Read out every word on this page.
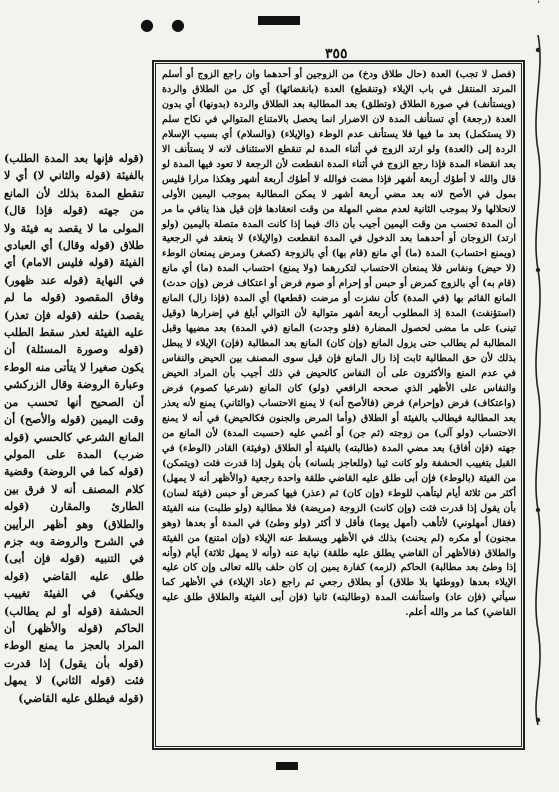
٬
● ●
٣٥٥

(فصل لا تجب) العدة (حال طلاق ودخ) من الزوجين أو أحدهما وان راجع الزوج أو أسلم المرتد المنتقل في باب الإيلاء (وتنقطع) العدة (بانقضائها) أي كل من الطلاق والردة (ويستأنف) في صورة الطلاق (وتطلق) بعد المطالبة بعد الطلاق والردة (بدونها) أي بدون العدة (رجعة) أي تستأنف المدة لان الاضرار انما يحصل بالامتناع المتوالي في نكاح سلم (لا يستكمل) بعد ما فيها فلا يستأنف عدم الوطء (والإيلاء) (والسلام) أي بسبب الإسلام الردة إلى (العدة) ولو ارتد الزوج في أثناء المدة لم تنقطع الاستئناف لانه لا يستأنف الا بعد انقضاء المدة فإذا رجع الزوج في أثناء المدة انقطعت لأن الرجعة لا تعود فيها المدة لو قال والله لا أطؤك أربعة أشهر فإذا مضت فوالله لا أطؤك أربعة أشهر وهكذا مرارا فليس بمول في الأصح لانه بعد مضي أربعة أشهر لا يمكن المطالبة بموجب اليمين الأولى لانحلالها ولا بموجب الثانية لعدم مضي المهلة من وقت انعقادها فإن قيل هذا ينافي ما مر أن المدة تحسب من وقت اليمين أجيب بأن ذاك فيما إذا كانت المدة متصلة باليمين (ولو ارتد) الزوجان أو أحدهما بعد الدخول في المدة انقطعت (والإيلاء) لا ينعقد في الرجعية (ويمنع احتساب) المدة (ما) أي مانع (قام بها) أي بالزوجة (كصغر) ومرض يمنعان الوطء (لا حيض) ونفاس فلا يمنعان الاحتساب لتكررهما (ولا يمنع) احتساب المدة (ما) أي مانع (قام به) أي بالزوج كمرض أو حبس أو إحرام أو صوم فرض أو اعتكاف فرض (وإن حدث) المانع القائم بها (في المدة) كأن نشزت أو مرضت (قطعها) أي المدة (فإذا زال) المانع (استؤنفت) المدة إذ المطلوب أربعة أشهر متوالية لأن التوالي أبلغ في إضرارها (وقيل تبنى) على ما مضى لحصول المضارة (فلو وجدت) المانع (في المدة) بعد مضيها وقبل المطالبة لم يطالب حتى يزول المانع (وإن كان) المانع بعد المطالبة (فإن) الإيلاء لا يبطل بذلك لأن حق المطالبة ثابت إذا زال المانع فإن قيل سوى المصنف بين الحيض والنفاس في عدم المنع والأكثرون على أن النفاس كالحيض في ذلك أجيب بأن المراد الحيض والنفاس على الأظهر الذي صححه الرافعي (ولو) كان المانع (شرعيا كصوم) فرض (واعتكاف) فرض (وإحرام) فرض (فالأصح أنه) لا يمنع الاحتساب (والثاني) يمنع لأنه يعذر بعد المطالبة فيطالب بالفيئة أو الطلاق (وأما المرض والجنون فكالحيض) في أنه لا يمنع الاحتساب (ولو آلى) من زوجته (ثم جن) أو أغمي عليه (حسبت المدة) لأن المانع من جهته (فإن أفاق) بعد مضي المدة (طالبته) بالفيئة أو الطلاق (وفيئة) القادر (الوطء) في القبل بتغييب الحشفة ولو كانت ثيبا (وللعاجز بلسانه) بأن يقول إذا قدرت فئت (ويتمكن) من الفيئة (بالوطء) فإن أبى طلق عليه القاضي طلقة واحدة رجعية (والأظهر أنه لا يمهل) أكثر من ثلاثة أيام ليتأهب للوطء (وإن كان) ثم (عذر) فيها كمرض أو حبس (فيئة لسان) بأن يقول إذا قدرت فئت (وإن كانت) الزوجة (مريضة) فلا مطالبة (ولو طلبت) منه الفيئة (فقال أمهلوني) لأتأهب (أمهل يوما) فأقل لا أكثر (ولو وطئ) في المدة أو بعدها (وهو مجنون) أو مكره (لم يحنث) بذلك في الأظهر ويسقط عنه الإيلاء (وإن امتنع) من الفيئة والطلاق (فالأظهر أن القاضي يطلق عليه طلقة) نيابة عنه (وأنه لا يمهل ثلاثة) أيام (وأنه إذا وطئ بعد مطالبة) الحاكم (لزمه) كفارة يمين إن كان حلف بالله تعالى وإن كان عليه الإيلاء بعدها (ووطئها بلا طلاق) أو بطلاق رجعي ثم راجع (عاد الإيلاء) في الأظهر كما سيأتي (فإن عاد) واستأنفت المدة (وطالبته) ثانيا (فإن أبى الفيئة والطلاق طلق عليه القاضي) كما مر والله أعلم.

(قوله فإنها بعد المدة الطلب) بالفيئة (قوله والثاني لا) أي لا تنقطع المدة بذلك لأن المانع من جهته (قوله فإذا قال) المولى ما لا يقصد به فيئة ولا طلاق (قوله وقال) أي العبادي الفيئة (قوله فليس الامام) أي في النهاية (قوله عند ظهور) وفاق المقصود (قوله ما لم يقصد) حلفه (قوله فإن تعذر) عليه الفيئة لعذر سقط الطلب (قوله وصورة المسئلة) أن يكون صغيرا لا يتأتى منه الوطء وعبارة الروضة وقال الزركشي أن الصحيح أنها تحسب من وقت اليمين (قوله والأصح) أن المانع الشرعي كالحسي (قوله ضرب) المدة على المولي (قوله كما في الروضة) وقضية كلام المصنف أنه لا فرق بين الطارئ والمقارن (قوله والطلاق) وهو أظهر الرأيين في الشرح والروضة وبه جزم في التنبيه (قوله فإن أبى) طلق عليه القاضي (قوله ويكفي) في الفيئة تغييب الحشفة (قوله أو لم يطالب) الحاكم (قوله والأظهر) أن المراد بالعجز ما يمنع الوطء (قوله بأن يقول) إذا قدرت فئت (قوله الثاني) لا يمهل (قوله فيطلق عليه القاضي)
